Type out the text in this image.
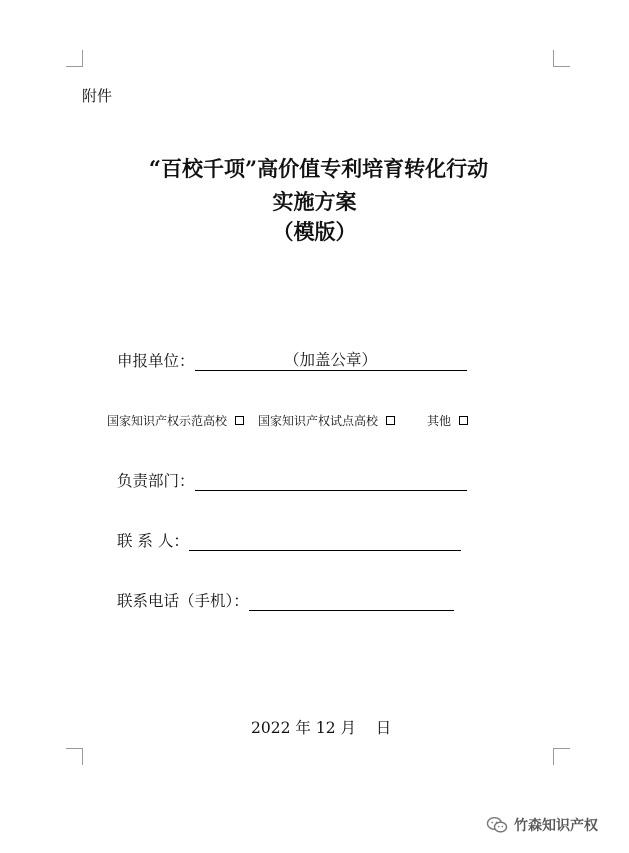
附件
“百校千项”高价值专利培育转化行动
实施方案
（模版）
申报单位：	（加盖公章）
国家知识产权示范高校	国家知识产权试点高校	其他
负责部门：
联 系 人：
联系电话（手机）：
2022 年 12 月 日
竹森知识产权
